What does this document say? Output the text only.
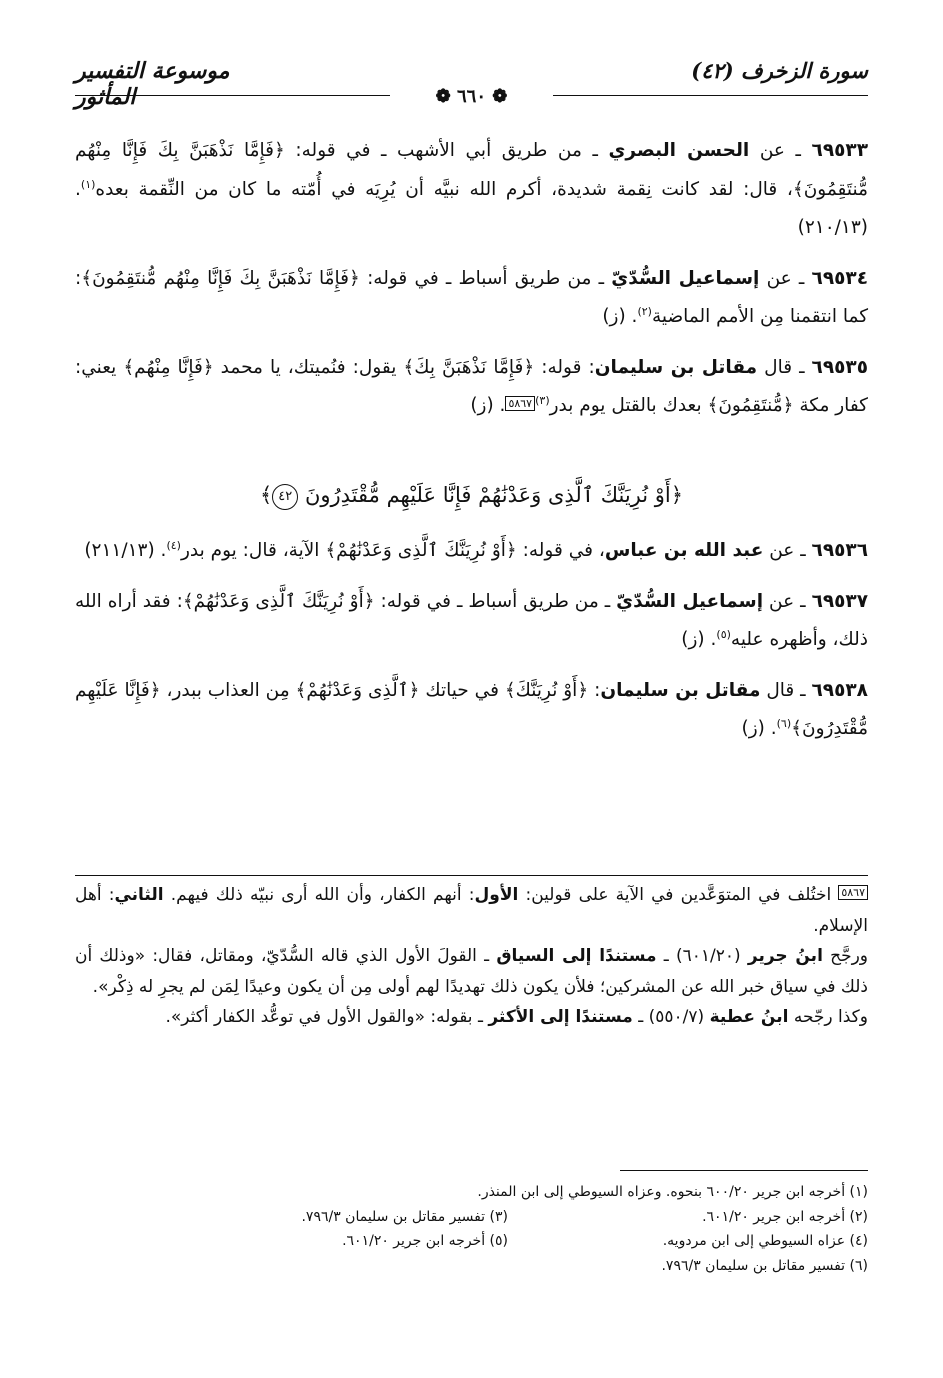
موسوعة التفسير المأثور
سورة الزخرف (٤٢)
❁ ٦٦٠ ❁

٦٩٥٣٣ ـ عن الحسن البصري ـ من طريق أبي الأشهب ـ في قوله: ﴿فَإِمَّا نَذْهَبَنَّ بِكَ فَإِنَّا مِنْهُم مُّنتَقِمُونَ﴾، قال: لقد كانت نِقمة شديدة، أكرم الله نبيَّه أن يُرِيَه في أُمّته ما كان من النِّقمة بعده$^{(١)}$. (١٣/‏٢١٠)

٦٩٥٣٤ ـ عن إسماعيل السُّدّيّ ـ من طريق أسباط ـ في قوله: ﴿فَإِمَّا نَذْهَبَنَّ بِكَ فَإِنَّا مِنْهُم مُّنتَقِمُونَ﴾: كما انتقمنا مِن الأمم الماضية$^{(٢)}$. (ز)

٦٩٥٣٥ ـ قال مقاتل بن سليمان: قوله: ﴿فَإِمَّا نَذْهَبَنَّ بِكَ﴾ يقول: فنُميتك، يا محمد ﴿فَإِنَّا مِنْهُم﴾ يعني: كفار مكة ﴿مُّنتَقِمُونَ﴾ بعدك بالقتل يوم بدر$^{(٣)}$٥٨٦٧. (ز)

﴿أَوْ نُرِيَنَّكَ ٱلَّذِى وَعَدْنَٰهُمْ فَإِنَّا عَلَيْهِم مُّقْتَدِرُونَ ٤٢﴾

٦٩٥٣٦ ـ عن عبد الله بن عباس، في قوله: ﴿أَوْ نُرِيَنَّكَ ٱلَّذِى وَعَدْنَٰهُمْ﴾ الآية، قال: يوم بدر$^{(٤)}$. (١٣/‏٢١١)

٦٩٥٣٧ ـ عن إسماعيل السُّدّيّ ـ من طريق أسباط ـ في قوله: ﴿أَوْ نُرِيَنَّكَ ٱلَّذِى وَعَدْنَٰهُمْ﴾: فقد أراه الله ذلك، وأظهره عليه$^{(٥)}$. (ز)

٦٩٥٣٨ ـ قال مقاتل بن سليمان: ﴿أَوْ نُرِيَنَّكَ﴾ في حياتك ﴿ٱلَّذِى وَعَدْنَٰهُمْ﴾ مِن العذاب ببدر، ﴿فَإِنَّا عَلَيْهِم مُّقْتَدِرُونَ﴾$^{(٦)}$. (ز)

٥٨٦٧ اختُلف في المتوَعَّدين في الآية على قولين: الأول: أنهم الكفار، وأن الله أرى نبيّه ذلك فيهم. الثاني: أهل الإسلام.

ورجَّح ابنُ جرير (٢٠/‏٦٠١) ـ مستندًا إلى السياق ـ القولَ الأول الذي قاله السُّدّيّ، ومقاتل، فقال: «وذلك أن ذلك في سياق خبر الله عن المشركين؛ فلأن يكون ذلك تهديدًا لهم أولى مِن أن يكون وعيدًا لِمَن لم يجرِ له ذِكْر».

وكذا رجّحه ابنُ عطية (٧/‏٥٥٠) ـ مستندًا إلى الأكثر ـ بقوله: «والقول الأول في توعُّد الكفار أكثر».

(١) أخرجه ابن جرير ٢٠/‏٦٠٠ بنحوه. وعزاه السيوطي إلى ابن المنذر.
(٢) أخرجه ابن جرير ٢٠/‏٦٠١.
(٣) تفسير مقاتل بن سليمان ٣/‏٧٩٦.
(٤) عزاه السيوطي إلى ابن مردويه.
(٥) أخرجه ابن جرير ٢٠/‏٦٠١.
(٦) تفسير مقاتل بن سليمان ٣/‏٧٩٦.
